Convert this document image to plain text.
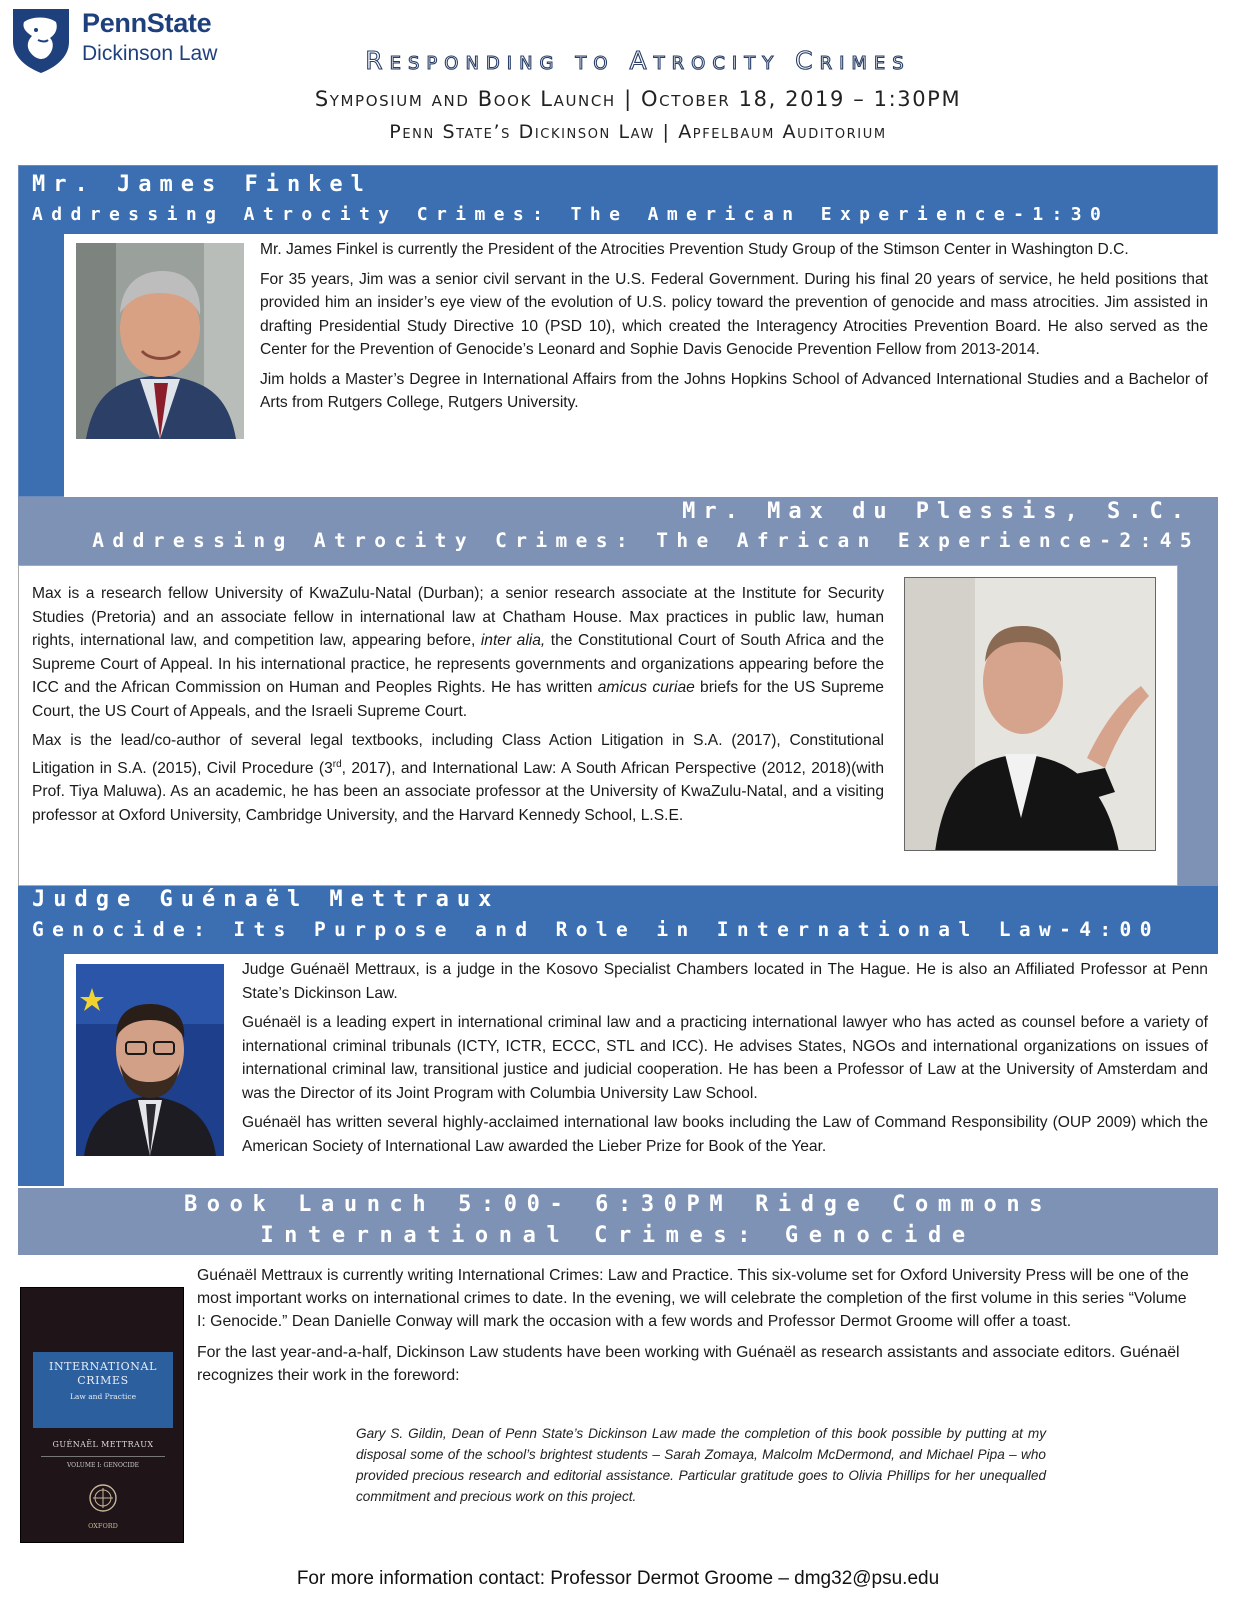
PennState
Dickinson Law	Responding to Atrocity Crimes
Symposium and Book Launch | October 18, 2019 – 1:30PM
Penn State’s Dickinson Law | Apfelbaum Auditorium
Mr. James Finkel
Addressing Atrocity Crimes: The American Experience-1:30

Mr. James Finkel is currently the President of the Atrocities Prevention Study Group of the Stimson Center in Washington D.C.

For 35 years, Jim was a senior civil servant in the U.S. Federal Government. During his final 20 years of service, he held positions that provided him an insider’s eye view of the evolution of U.S. policy toward the prevention of genocide and mass atrocities. Jim assisted in drafting Presidential Study Directive 10 (PSD 10), which created the Interagency Atrocities Prevention Board. He also served as the Center for the Prevention of Genocide’s Leonard and Sophie Davis Genocide Prevention Fellow from 2013-2014.

Jim holds a Master’s Degree in International Affairs from the Johns Hopkins School of Advanced International Studies and a Bachelor of Arts from Rutgers College, Rutgers University.

Mr. Max du Plessis, S.C.
Addressing Atrocity Crimes: The African Experience-2:45

Max is a research fellow University of KwaZulu-Natal (Durban); a senior research associate at the Institute for Security Studies (Pretoria) and an associate fellow in international law at Chatham House. Max practices in public law, human rights, international law, and competition law, appearing before, inter alia, the Constitutional Court of South Africa and the Supreme Court of Appeal. In his international practice, he represents governments and organizations appearing before the ICC and the African Commission on Human and Peoples Rights. He has written amicus curiae briefs for the US Supreme Court, the US Court of Appeals, and the Israeli Supreme Court.

Max is the lead/co-author of several legal textbooks, including Class Action Litigation in S.A. (2017), Constitutional Litigation in S.A. (2015), Civil Procedure (3rd, 2017), and International Law: A South African Perspective (2012, 2018)(with Prof. Tiya Maluwa). As an academic, he has been an associate professor at the University of KwaZulu-Natal, and a visiting professor at Oxford University, Cambridge University, and the Harvard Kennedy School, L.S.E.

Judge Guénaël Mettraux
Genocide: Its Purpose and Role in International Law-4:00

Judge Guénaël Mettraux, is a judge in the Kosovo Specialist Chambers located in The Hague. He is also an Affiliated Professor at Penn State’s Dickinson Law.

Guénaël is a leading expert in international criminal law and a practicing international lawyer who has acted as counsel before a variety of international criminal tribunals (ICTY, ICTR, ECCC, STL and ICC). He advises States, NGOs and international organizations on issues of international criminal law, transitional justice and judicial cooperation. He has been a Professor of Law at the University of Amsterdam and was the Director of its Joint Program with Columbia University Law School.

Guénaël has written several highly-acclaimed international law books including the Law of Command Responsibility (OUP 2009) which the American Society of International Law awarded the Lieber Prize for Book of the Year.

Book Launch 5:00- 6:30PM Ridge Commons
International Crimes: Genocide
INTERNATIONAL CRIMES
Law and Practice
GUÉNAËL METTRAUX
VOLUME I: GENOCIDE
OXFORD

Guénaël Mettraux is currently writing International Crimes: Law and Practice. This six-volume set for Oxford University Press will be one of the most important works on international crimes to date. In the evening, we will celebrate the completion of the first volume in this series “Volume I: Genocide.” Dean Danielle Conway will mark the occasion with a few words and Professor Dermot Groome will offer a toast.

For the last year-and-a-half, Dickinson Law students have been working with Guénaël as research assistants and associate editors. Guénaël recognizes their work in the foreword:

Gary S. Gildin, Dean of Penn State’s Dickinson Law made the completion of this book possible by putting at my disposal some of the school’s brightest students – Sarah Zomaya, Malcolm McDermond, and Michael Pipa – who provided precious research and editorial assistance. Particular gratitude goes to Olivia Phillips for her unequalled commitment and precious work on this project.
For more information contact: Professor Dermot Groome – dmg32@psu.edu
